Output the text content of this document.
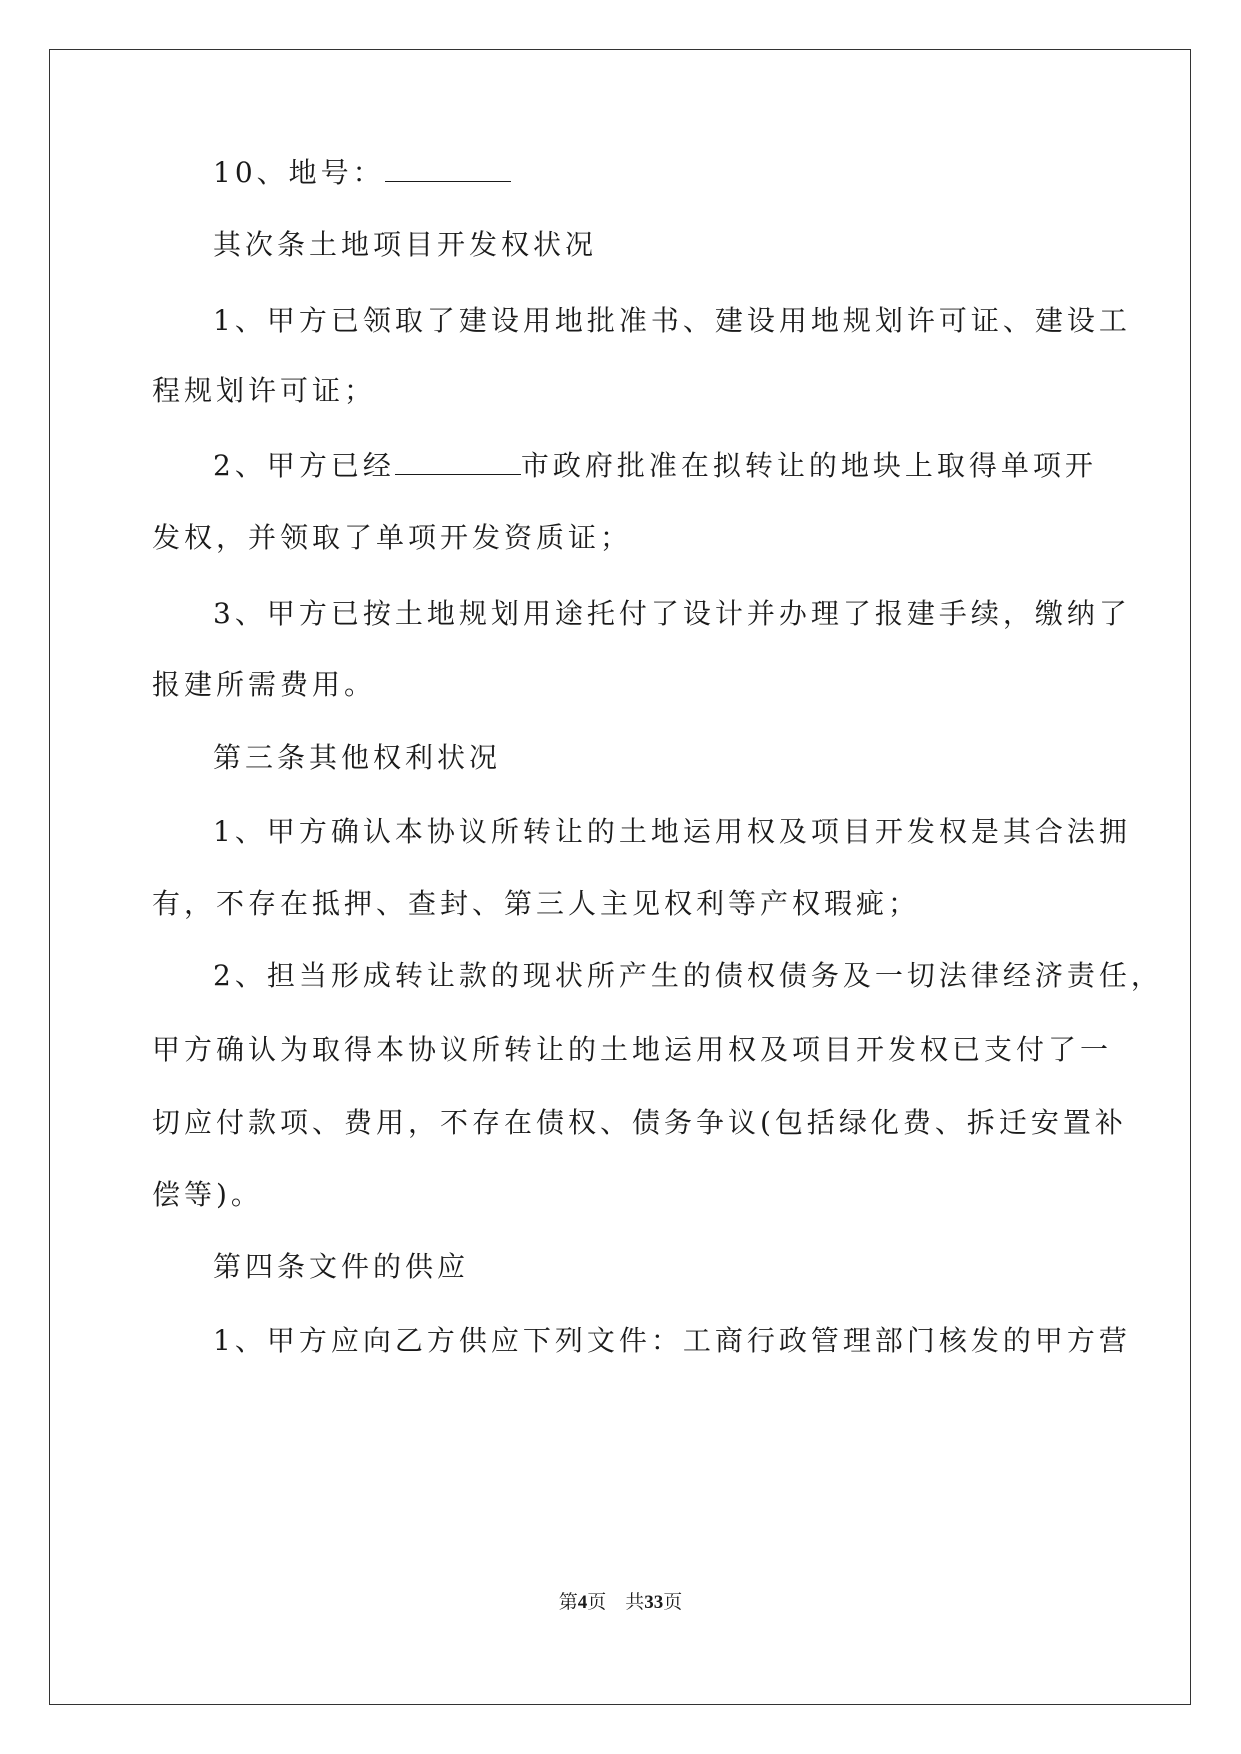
10、地号：
其次条土地项目开发权状况
1、甲方已领取了建设用地批准书、建设用地规划许可证、建设工
程规划许可证；
2、甲方已经	市政府批准在拟转让的地块上取得单项开
发权，并领取了单项开发资质证；
3、甲方已按土地规划用途托付了设计并办理了报建手续，缴纳了
报建所需费用。
第三条其他权利状况
1、甲方确认本协议所转让的土地运用权及项目开发权是其合法拥
有，不存在抵押、查封、第三人主见权利等产权瑕疵；
2、担当形成转让款的现状所产生的债权债务及一切法律经济责任，
甲方确认为取得本协议所转让的土地运用权及项目开发权已支付了一
切应付款项、费用，不存在债权、债务争议(包括绿化费、拆迁安置补
偿等)。
第四条文件的供应
1、甲方应向乙方供应下列文件：工商行政管理部门核发的甲方营
第4页 共33页
